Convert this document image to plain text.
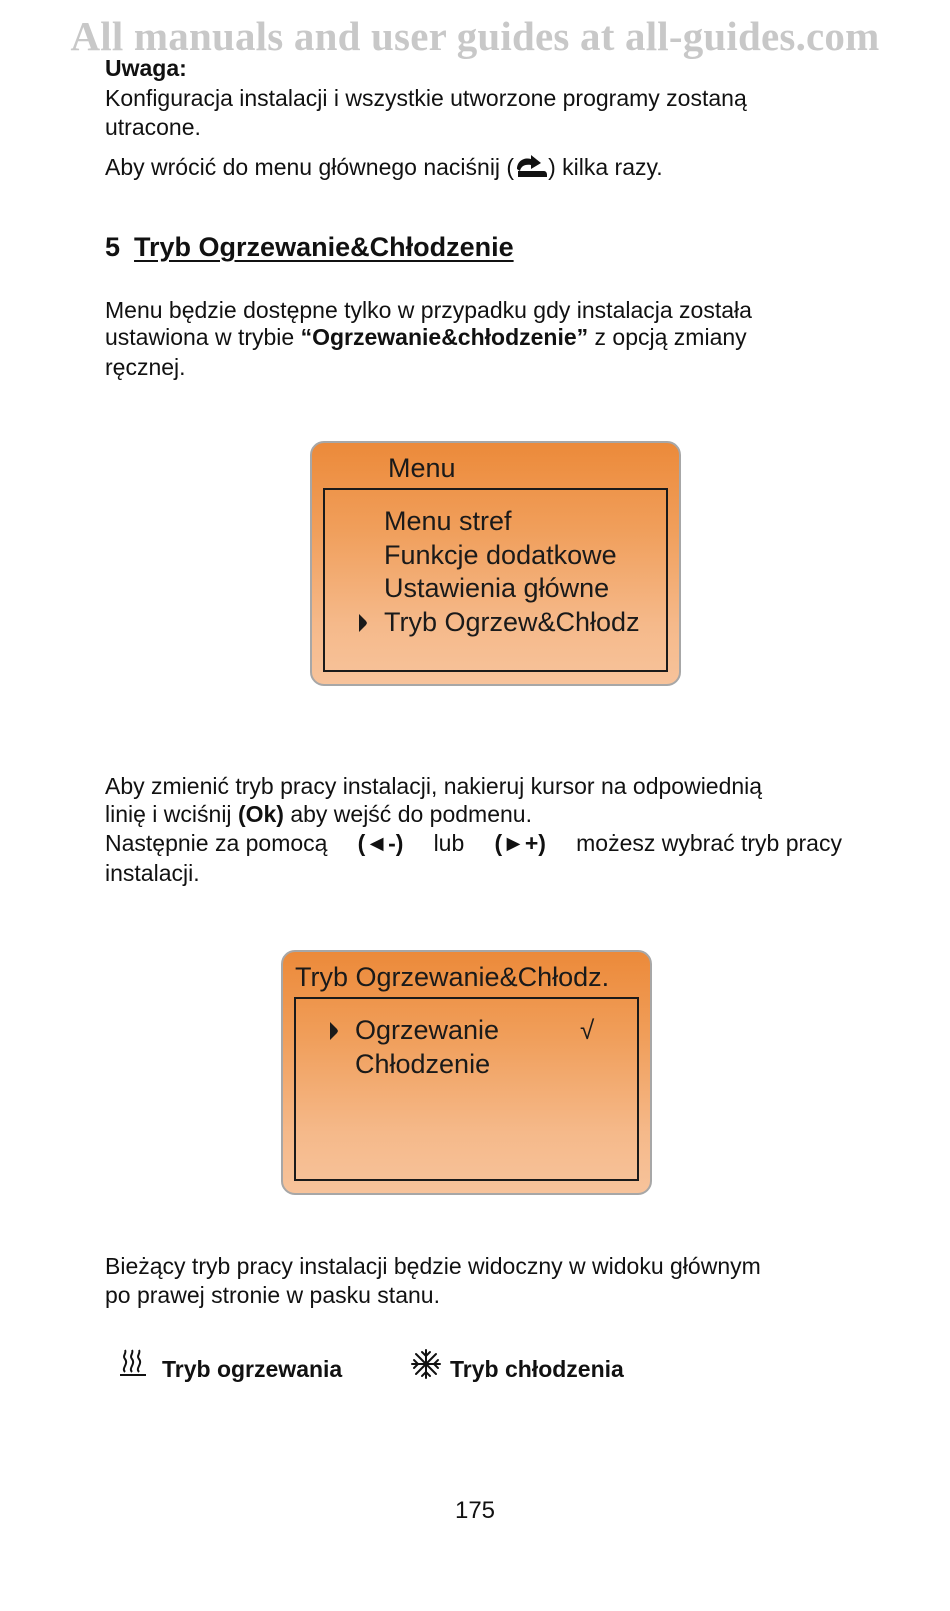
All manuals and user guides at all-guides.com
Uwaga:
Konfiguracja instalacji i wszystkie utworzone programy zostaną
utracone.
Aby wrócić do menu głównego naciśnij ( ) kilka razy.
5 Tryb Ogrzewanie&Chłodzenie
Menu będzie dostępne tylko w przypadku gdy instalacja została
ustawiona w trybie “Ogrzewanie&chłodzenie” z opcją zmiany
ręcznej.
Menu
Menu stref
Funkcje dodatkowe
Ustawienia główne
Tryb Ogrzew&Chłodz
Aby zmienić tryb pracy instalacji, nakieruj kursor na odpowiednią
linię i wciśnij (Ok) aby wejść do podmenu.
Następnie za pomocą (◄-) lub (►+) możesz wybrać tryb pracy
instalacji.
Tryb Ogrzewanie&Chłodz.
Ogrzewanie
Chłodzenie
√
Bieżący tryb pracy instalacji będzie widoczny w widoku głównym
po prawej stronie w pasku stanu.
Tryb ogrzewania	Tryb chłodzenia
175
